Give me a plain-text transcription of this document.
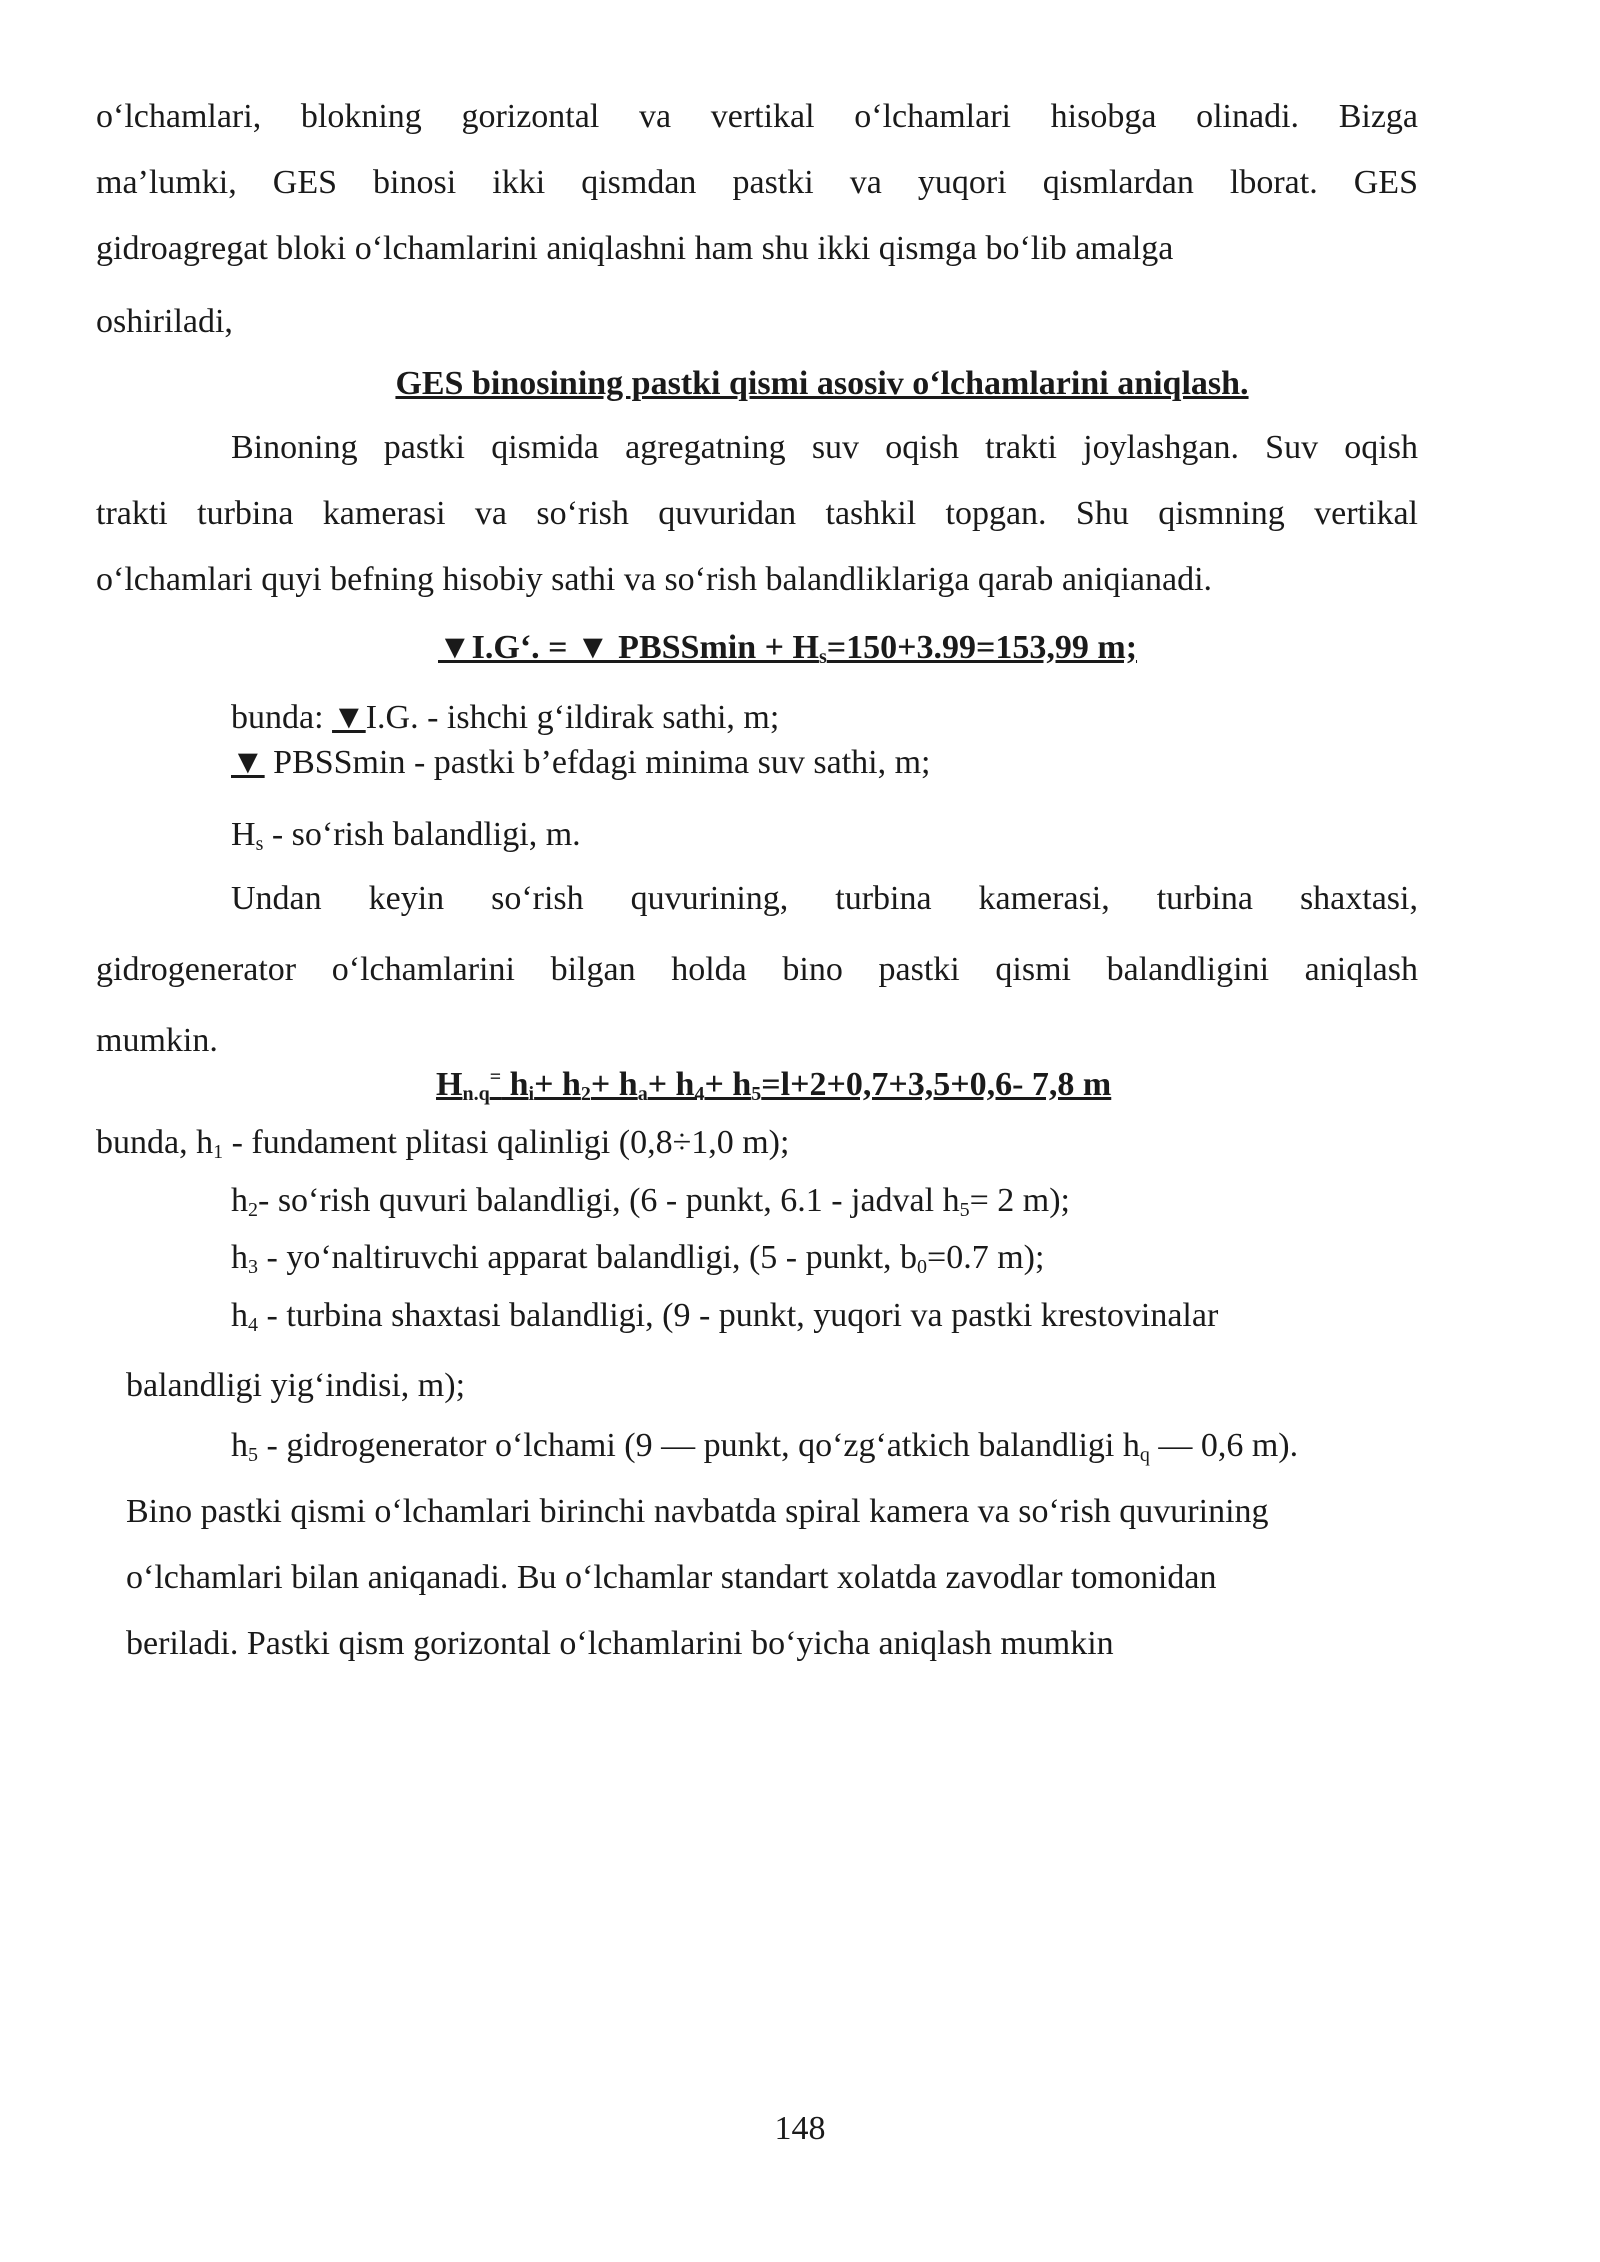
o‘lchamlari, blokning gorizontal va vertikal o‘lchamlari hisobga olinadi. Bizga
ma’lumki, GES binosi ikki qismdan pastki va yuqori qismlardan lborat. GES
gidroagregat bloki o‘lchamlarini aniqlashni ham shu ikki qismga bo‘lib amalga
oshiriladi,
GES binosining pastki qismi asosiv o‘lchamlarini aniqlash.
Binoning pastki qismida agregatning suv oqish trakti joylashgan. Suv oqish
trakti turbina kamerasi va so‘rish quvuridan tashkil topgan. Shu qismning vertikal
o‘lchamlari quyi befning hisobiy sathi va so‘rish balandliklariga qarab aniqianadi.
▼I.G‘. = ▼ PBSSmin + $H_s=150+3.99=153,99$ m;
bunda: ▼I.G. - ishchi g‘ildirak sathi, m;
▼ PBSSmin - pastki b’efdagi minima suv sathi, m;
$H_s$ - so‘rish balandligi, m.
Undan keyin so‘rish quvurining, turbina kamerasi, turbina shaxtasi,
gidrogenerator o‘lchamlarini bilgan holda bino pastki qismi balandligini aniqlash
mumkin.
$H_{n.q}^=$ $h_i+ h_2+ h_a+ h_4+ h_5=l+2+0,7+3,5+0,6-$ 7,8 m
bunda, $h_1$ - fundament plitasi qalinligi (0,8÷1,0 m);
$h_2-$ so‘rish quvuri balandligi, (6 - punkt, 6.1 - jadval $h_5= 2$ m);
$h_3$ - yo‘naltiruvchi apparat balandligi, (5 - punkt, $b_0=0.7$ m);
$h_4$ - turbina shaxtasi balandligi, (9 - punkt, yuqori va pastki krestovinalar
balandligi yig‘indisi, m);
$h_5$ - gidrogenerator o‘lchami (9 — punkt, qo‘zg‘atkich balandligi $h_q$ — 0,6 m).
Bino pastki qismi o‘lchamlari birinchi navbatda spiral kamera va so‘rish quvurining
o‘lchamlari bilan aniqanadi. Bu o‘lchamlar standart xolatda zavodlar tomonidan
beriladi. Pastki qism gorizontal o‘lchamlarini bo‘yicha aniqlash mumkin
148
